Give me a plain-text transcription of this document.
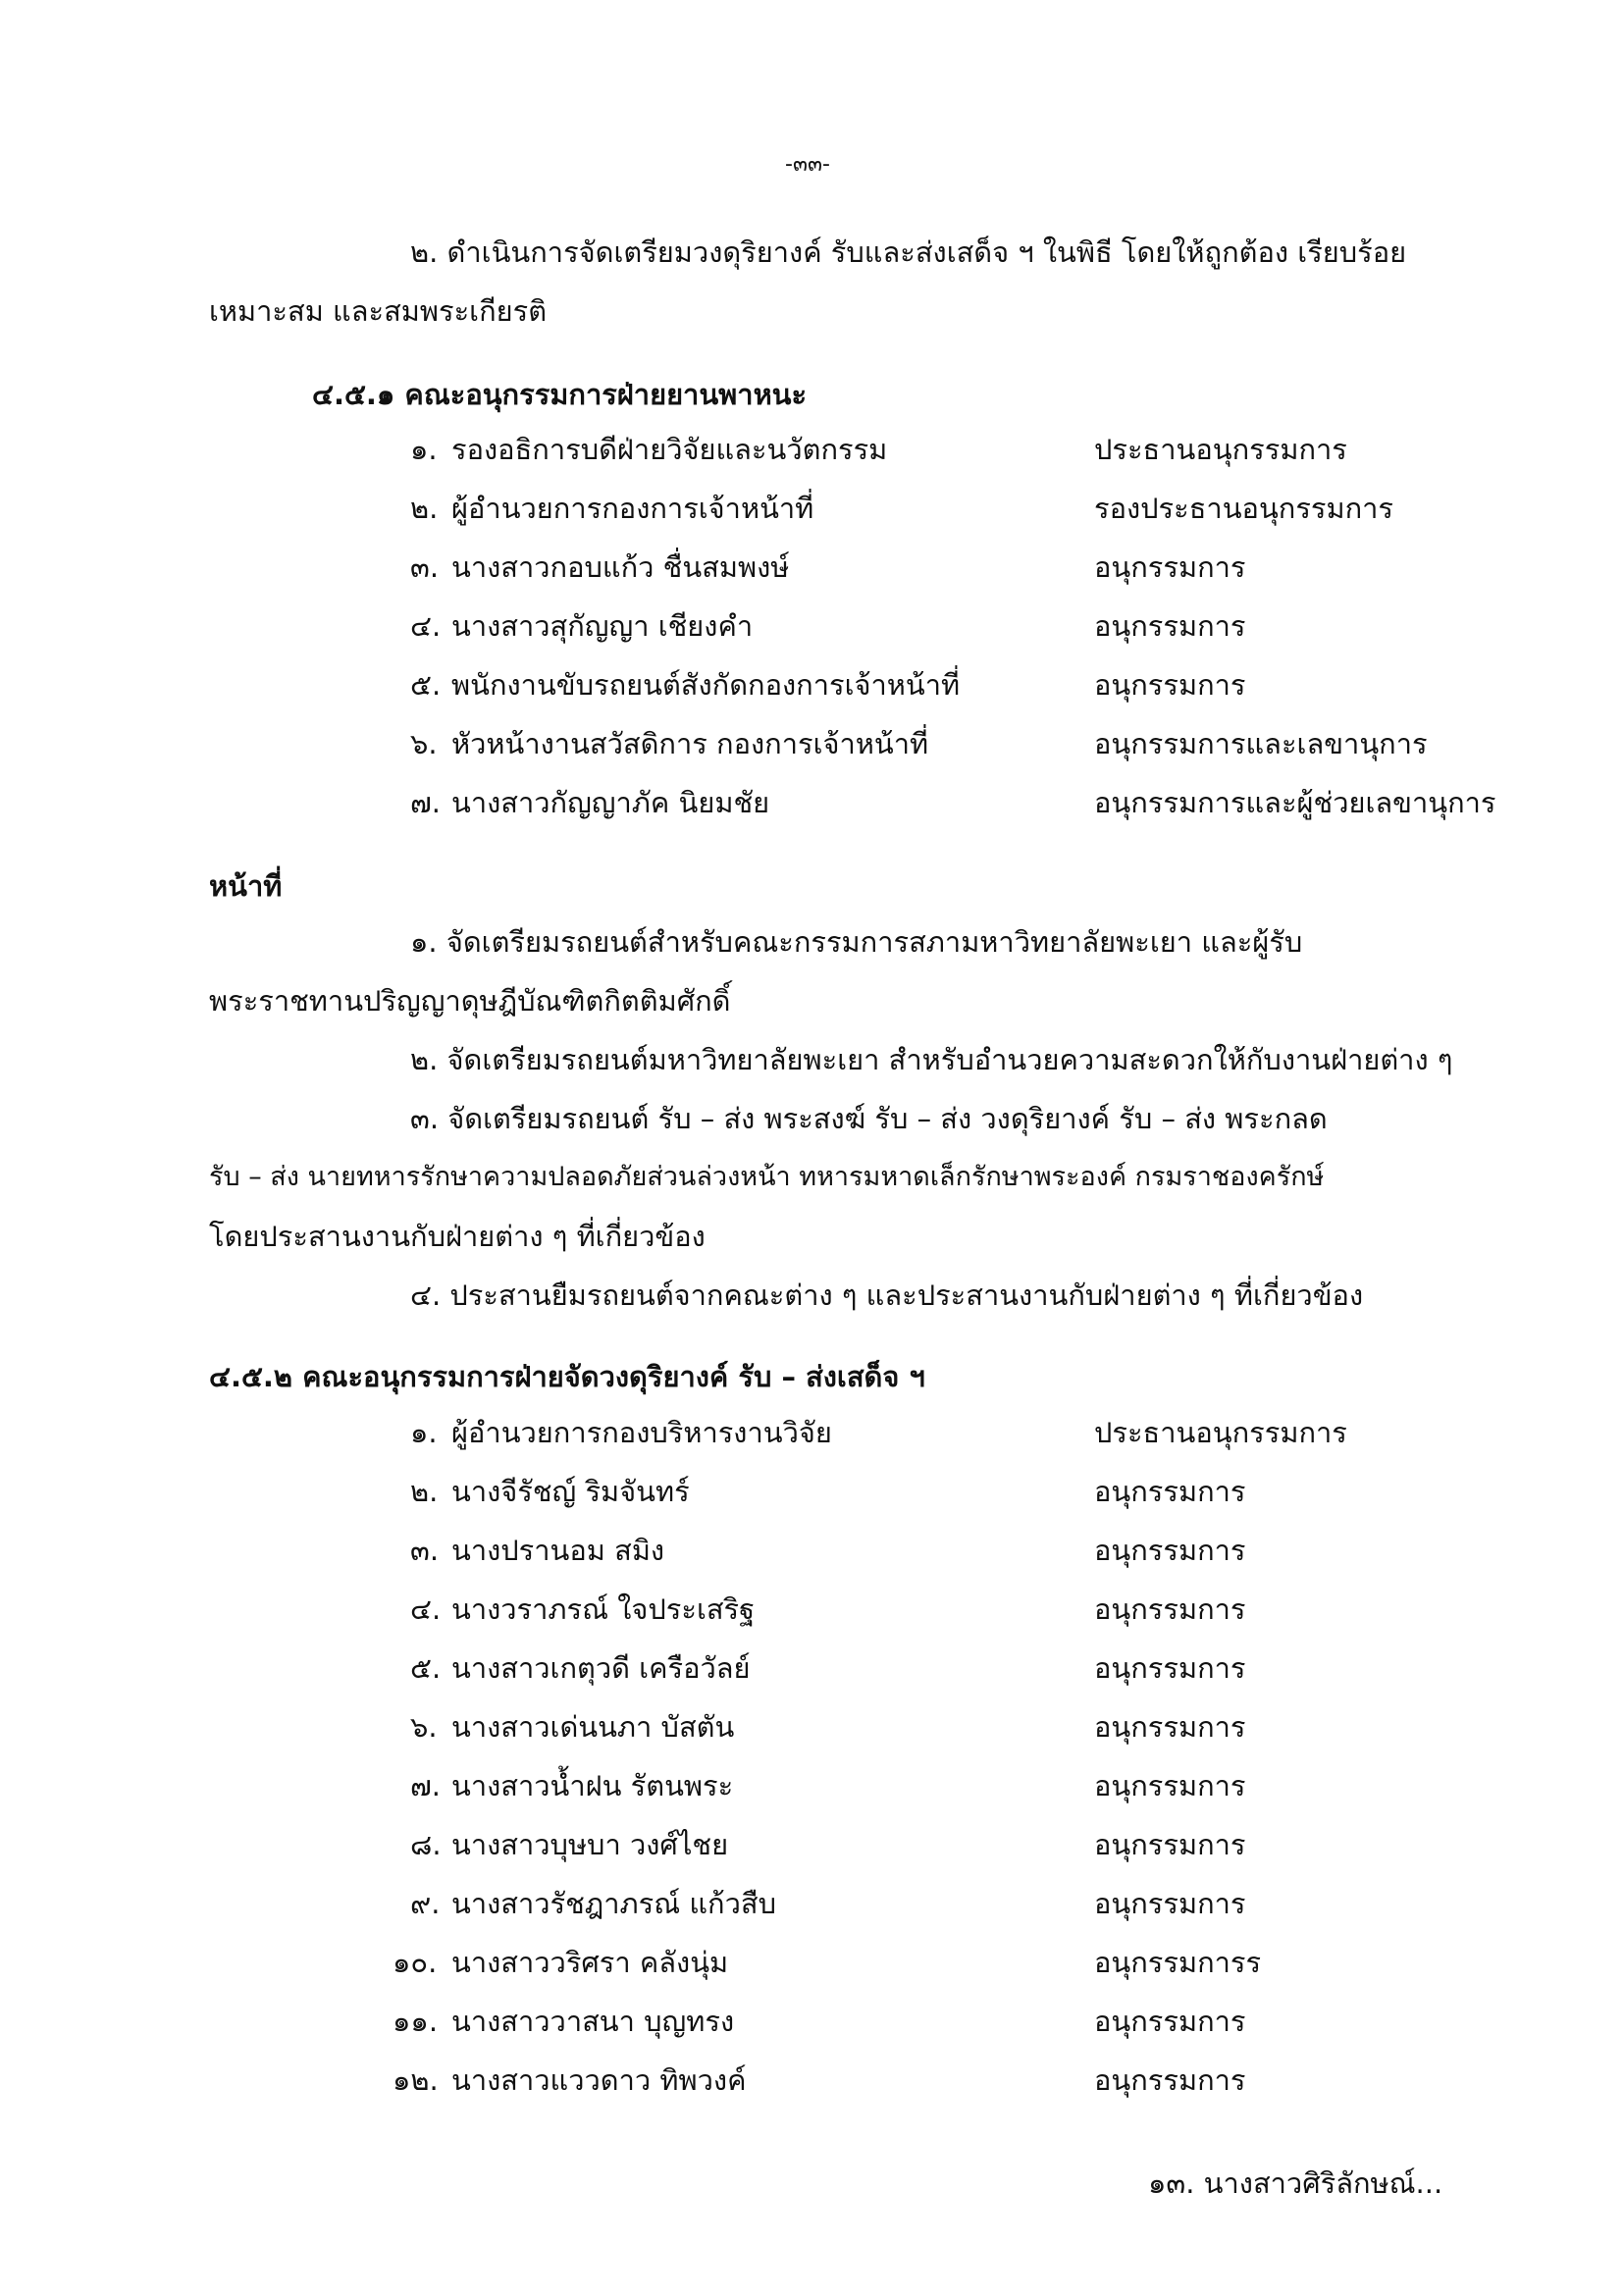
-๓๓-
๒. ดำเนินการจัดเตรียมวงดุริยางค์ รับและส่งเสด็จ ฯ ในพิธี โดยให้ถูกต้อง เรียบร้อย
เหมาะสม และสมพระเกียรติ
๔.๕.๑ คณะอนุกรรมการฝ่ายยานพาหนะ
๑. รองอธิการบดีฝ่ายวิจัยและนวัตกรรม	ประธานอนุกรรมการ
๒. ผู้อำนวยการกองการเจ้าหน้าที่	รองประธานอนุกรรมการ
๓. นางสาวกอบแก้ว ชื่นสมพงษ์	อนุกรรมการ
๔. นางสาวสุกัญญา เชียงคำ	อนุกรรมการ
๕. พนักงานขับรถยนต์สังกัดกองการเจ้าหน้าที่	อนุกรรมการ
๖. หัวหน้างานสวัสดิการ กองการเจ้าหน้าที่	อนุกรรมการและเลขานุการ
๗. นางสาวกัญญาภัค นิยมชัย	อนุกรรมการและผู้ช่วยเลขานุการ
หน้าที่
๑. จัดเตรียมรถยนต์สำหรับคณะกรรมการสภามหาวิทยาลัยพะเยา และผู้รับ
พระราชทานปริญญาดุษฎีบัณฑิตกิตติมศักดิ์
๒. จัดเตรียมรถยนต์มหาวิทยาลัยพะเยา สำหรับอำนวยความสะดวกให้กับงานฝ่ายต่าง ๆ
๓. จัดเตรียมรถยนต์ รับ – ส่ง พระสงฆ์ รับ – ส่ง วงดุริยางค์ รับ – ส่ง พระกลด
รับ – ส่ง นายทหารรักษาความปลอดภัยส่วนล่วงหน้า ทหารมหาดเล็กรักษาพระองค์ กรมราชองครักษ์
โดยประสานงานกับฝ่ายต่าง ๆ ที่เกี่ยวข้อง
๔. ประสานยืมรถยนต์จากคณะต่าง ๆ และประสานงานกับฝ่ายต่าง ๆ ที่เกี่ยวข้อง
๔.๕.๒ คณะอนุกรรมการฝ่ายจัดวงดุริยางค์ รับ – ส่งเสด็จ ฯ
๑. ผู้อำนวยการกองบริหารงานวิจัย	ประธานอนุกรรมการ
๒. นางจีรัชญ์ ริมจันทร์	อนุกรรมการ
๓. นางปรานอม สมิง	อนุกรรมการ
๔. นางวราภรณ์ ใจประเสริฐ	อนุกรรมการ
๕. นางสาวเกตุวดี เครือวัลย์	อนุกรรมการ
๖. นางสาวเด่นนภา บัสตัน	อนุกรรมการ
๗. นางสาวน้ำฝน รัตนพระ	อนุกรรมการ
๘. นางสาวบุษบา วงศ์ไชย	อนุกรรมการ
๙. นางสาวรัชฎาภรณ์ แก้วสืบ	อนุกรรมการ
๑๐. นางสาววริศรา คลังนุ่ม	อนุกรรมการร
๑๑. นางสาววาสนา บุญทรง	อนุกรรมการ
๑๒. นางสาวแววดาว ทิพวงค์	อนุกรรมการ
๑๓. นางสาวศิริลักษณ์...
